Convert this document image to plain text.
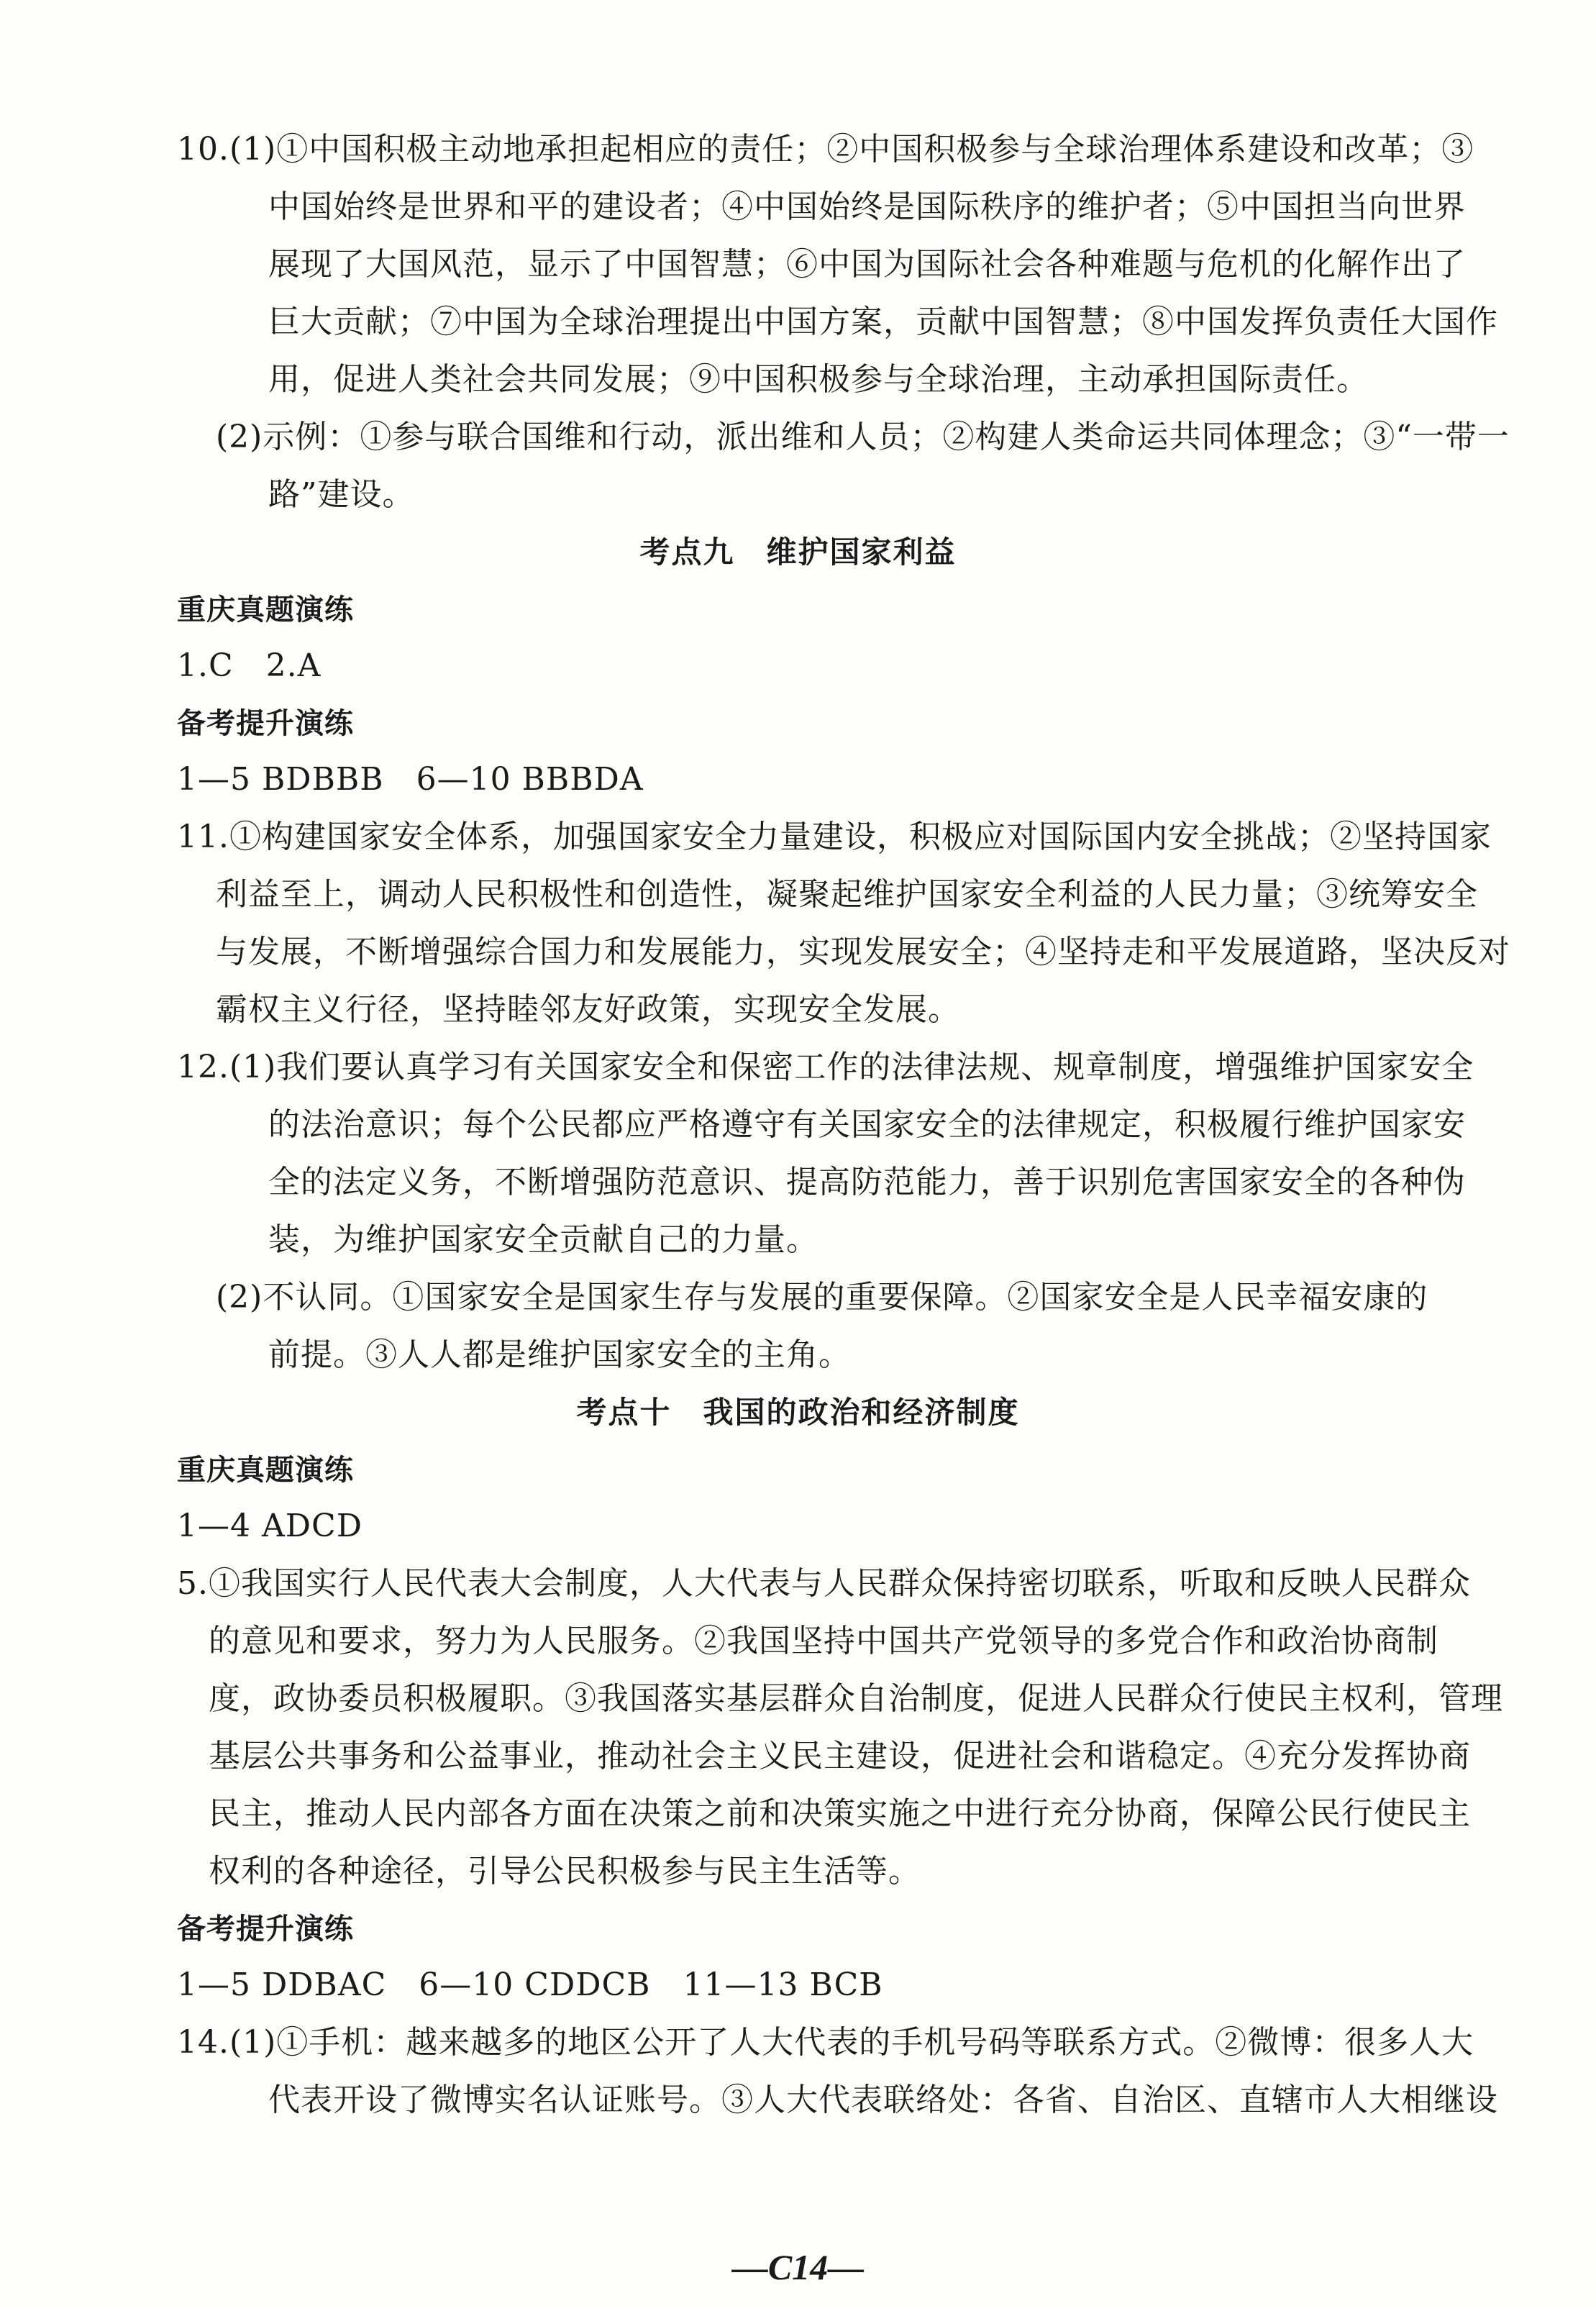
10.(1)①中国积极主动地承担起相应的责任；②中国积极参与全球治理体系建设和改革；③
中国始终是世界和平的建设者；④中国始终是国际秩序的维护者；⑤中国担当向世界
展现了大国风范，显示了中国智慧；⑥中国为国际社会各种难题与危机的化解作出了
巨大贡献；⑦中国为全球治理提出中国方案，贡献中国智慧；⑧中国发挥负责任大国作
用，促进人类社会共同发展；⑨中国积极参与全球治理，主动承担国际责任。
(2)示例：①参与联合国维和行动，派出维和人员；②构建人类命运共同体理念；③“一带一
路”建设。
考点九　维护国家利益
重庆真题演练
1.C　2.A
备考提升演练
1—5 BDBBB　6—10 BBBDA
11.①构建国家安全体系，加强国家安全力量建设，积极应对国际国内安全挑战；②坚持国家
利益至上，调动人民积极性和创造性，凝聚起维护国家安全利益的人民力量；③统筹安全
与发展，不断增强综合国力和发展能力，实现发展安全；④坚持走和平发展道路，坚决反对
霸权主义行径，坚持睦邻友好政策，实现安全发展。
12.(1)我们要认真学习有关国家安全和保密工作的法律法规、规章制度，增强维护国家安全
的法治意识；每个公民都应严格遵守有关国家安全的法律规定，积极履行维护国家安
全的法定义务，不断增强防范意识、提高防范能力，善于识别危害国家安全的各种伪
装，为维护国家安全贡献自己的力量。
(2)不认同。①国家安全是国家生存与发展的重要保障。②国家安全是人民幸福安康的
前提。③人人都是维护国家安全的主角。
考点十　我国的政治和经济制度
重庆真题演练
1—4 ADCD
5.①我国实行人民代表大会制度，人大代表与人民群众保持密切联系，听取和反映人民群众
的意见和要求，努力为人民服务。②我国坚持中国共产党领导的多党合作和政治协商制
度，政协委员积极履职。③我国落实基层群众自治制度，促进人民群众行使民主权利，管理
基层公共事务和公益事业，推动社会主义民主建设，促进社会和谐稳定。④充分发挥协商
民主，推动人民内部各方面在决策之前和决策实施之中进行充分协商，保障公民行使民主
权利的各种途径，引导公民积极参与民主生活等。
备考提升演练
1—5 DDBAC　6—10 CDDCB　11—13 BCB
14.(1)①手机：越来越多的地区公开了人大代表的手机号码等联系方式。②微博：很多人大
代表开设了微博实名认证账号。③人大代表联络处：各省、自治区、直辖市人大相继设
—C14—
